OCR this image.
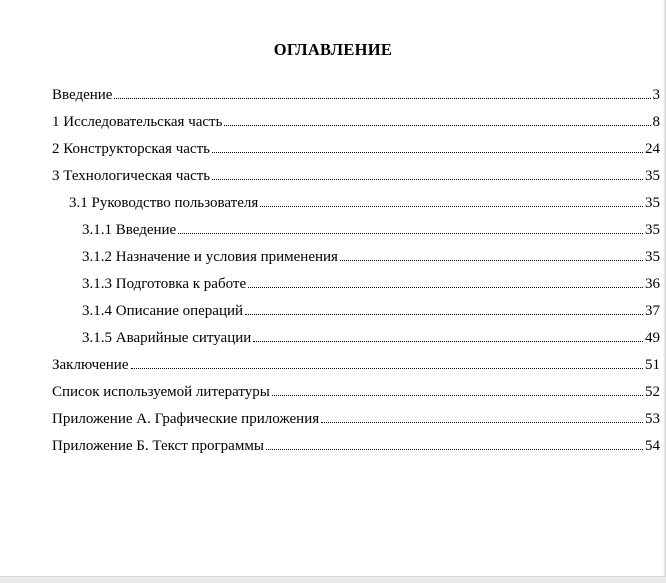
ОГЛАВЛЕНИЕ
Введение	3
1 Исследовательская часть	8
2 Конструкторская часть	24
3 Технологическая часть	35
3.1 Руководство пользователя	35
3.1.1 Введение	35
3.1.2 Назначение и условия применения	35
3.1.3 Подготовка к работе	36
3.1.4 Описание операций	37
3.1.5 Аварийные ситуации	49
Заключение	51
Список используемой литературы	52
Приложение А. Графические приложения	53
Приложение Б. Текст программы	54
